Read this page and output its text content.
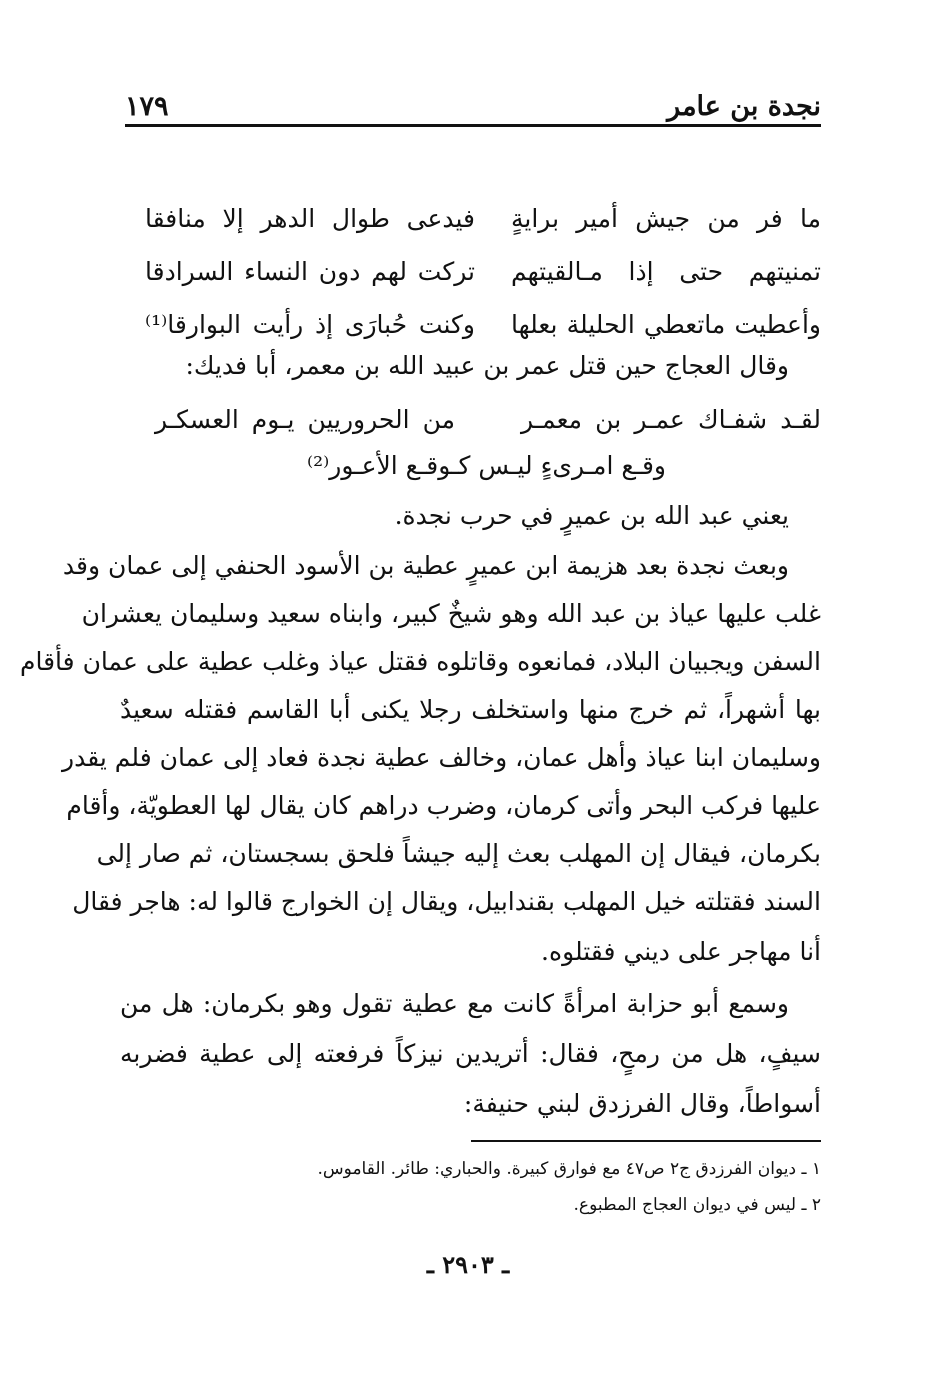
نجدة بن عامر
١٧٩
ما فر من جيش أمير برايةٍ
فيدعى طوال الدهر إلا منافقا
تمنيتهم حتى إذا مـالقيتهم
تركت لهم دون النساء السرادقا
وأعطيت ماتعطي الحليلة بعلها
وكنت حُبارَى إذ رأيت البوارقا⁽¹⁾
وقال العجاج حين قتل عمر بن عبيد الله بن معمر، أبا فديك:
لقـد شفـاك عمـر بن معمـر
من الحروريين يـوم العسكـر
وقـع امـرىءٍ ليـس كـوقـع الأعـور⁽²⁾
يعني عبد الله بن عميرٍ في حرب نجدة.
وبعث نجدة بعد هزيمة ابن عميرٍ عطية بن الأسود الحنفي إلى عمان وقد
غلب عليها عياذ بن عبد الله وهو شيخٌ كبير، وابناه سعيد وسليمان يعشران
السفن ويجبيان البلاد، فمانعوه وقاتلوه فقتل عياذ وغلب عطية على عمان فأقام
بها أشهراً، ثم خرج منها واستخلف رجلا يكنى أبا القاسم فقتله سعيدٌ
وسليمان ابنا عياذ وأهل عمان، وخالف عطية نجدة فعاد إلى عمان فلم يقدر
عليها فركب البحر وأتى كرمان، وضرب دراهم كان يقال لها العطويّة، وأقام
بكرمان، فيقال إن المهلب بعث إليه جيشاً فلحق بسجستان، ثم صار إلى
السند فقتلته خيل المهلب بقندابيل، ويقال إن الخوارج قالوا له: هاجر فقال
أنا مهاجر على ديني فقتلوه.
وسمع أبو حزابة امرأةً كانت مع عطية تقول وهو بكرمان: هل من
سيفٍ، هل من رمحٍ، فقال: أتريدين نيزكاً فرفعته إلى عطية فضربه
أسواطاً، وقال الفرزدق لبني حنيفة:
١ ـ ديوان الفرزدق ج٢ ص٤٧ مع فوارق كبيرة. والحباري: طائر. القاموس.
٢ ـ ليس في ديوان العجاج المطبوع.
ـ ٢٩٠٣ ـ
